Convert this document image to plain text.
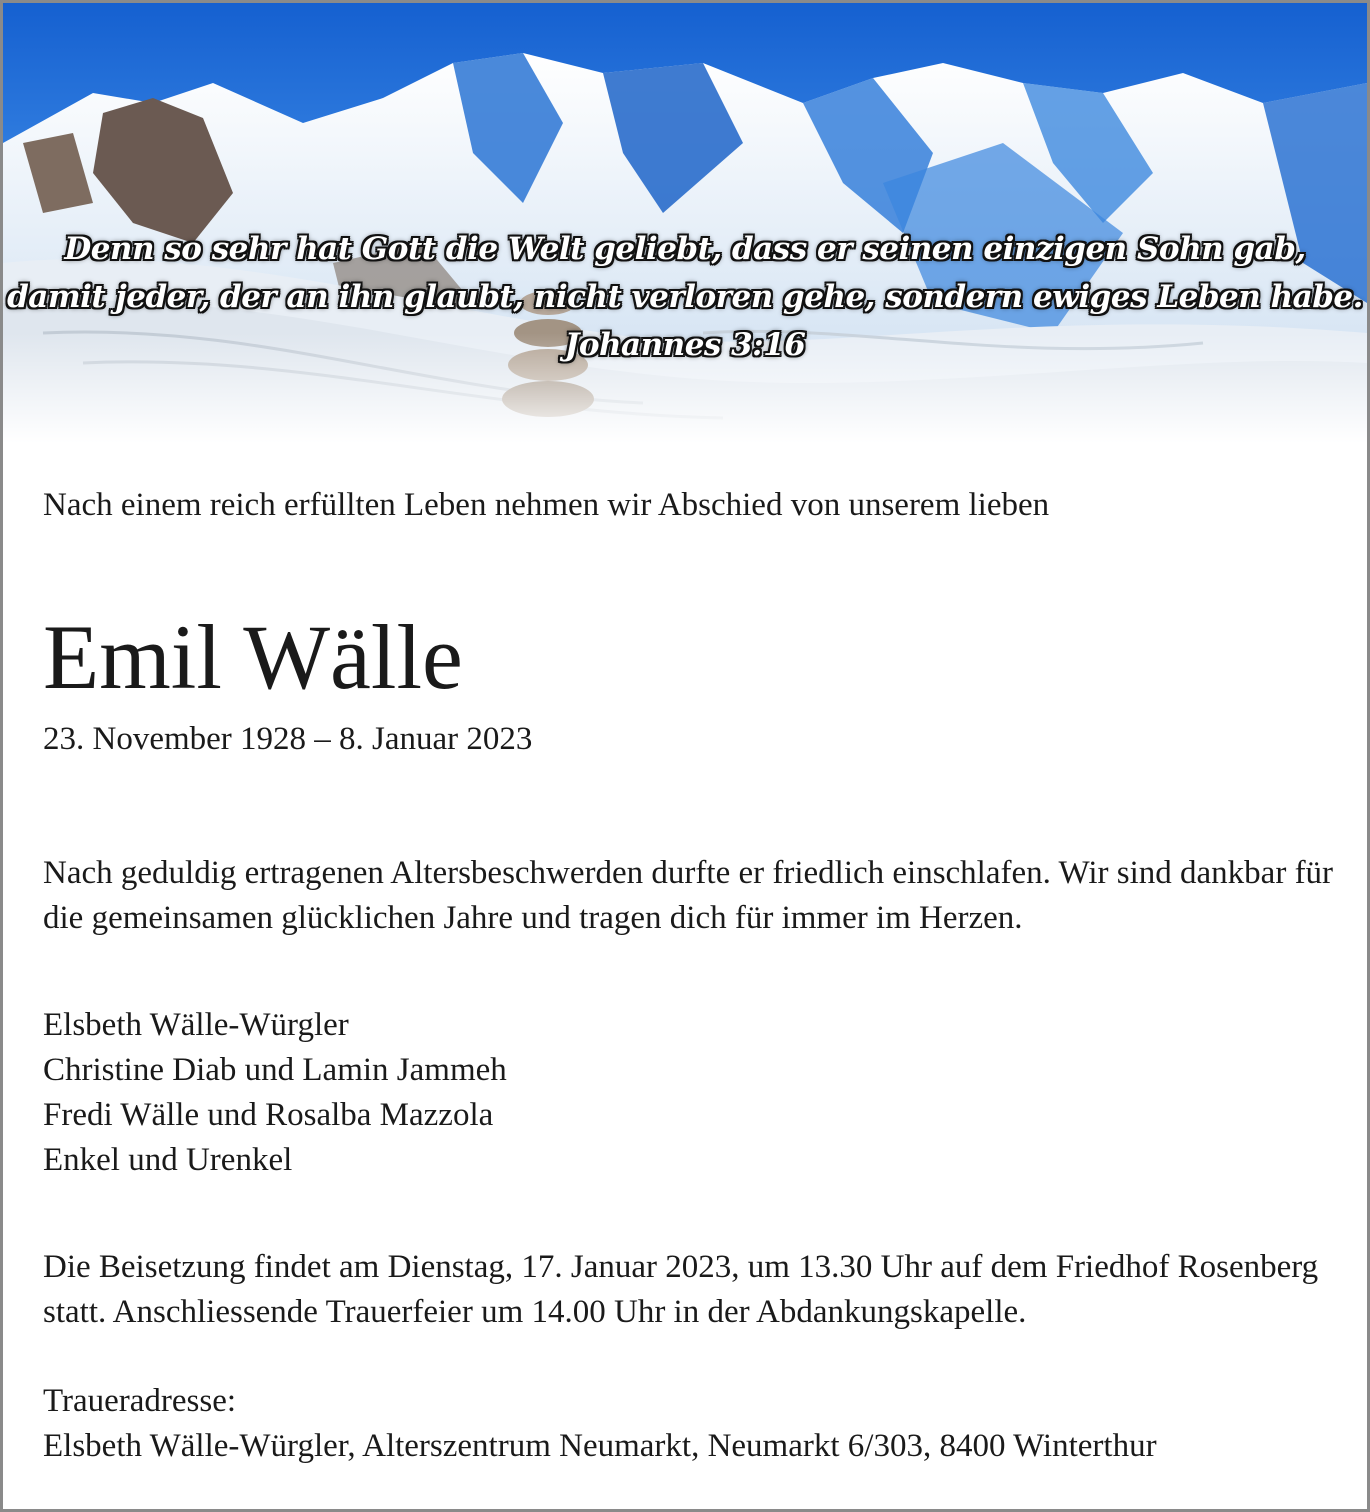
Denn so sehr hat Gott die Welt geliebt, dass er seinen einzigen Sohn gab,
damit jeder, der an ihn glaubt, nicht verloren gehe, sondern ewiges Leben habe.
Johannes 3:16
Nach einem reich erfüllten Leben nehmen wir Abschied von unserem lieben
Emil Wälle
23. November 1928 – 8. Januar 2023
Nach geduldig ertragenen Altersbeschwerden durfte er friedlich einschlafen. Wir sind dankbar für die gemeinsamen glücklichen Jahre und tragen dich für immer im Herzen.
Elsbeth Wälle-Würgler
Christine Diab und Lamin Jammeh
Fredi Wälle und Rosalba Mazzola
Enkel und Urenkel
Die Beisetzung findet am Dienstag, 17. Januar 2023, um 13.30 Uhr auf dem Friedhof Rosenberg statt. Anschliessende Trauerfeier um 14.00 Uhr in der Abdankungskapelle.
Traueradresse:
Elsbeth Wälle-Würgler, Alterszentrum Neumarkt, Neumarkt 6/303, 8400 Winterthur
